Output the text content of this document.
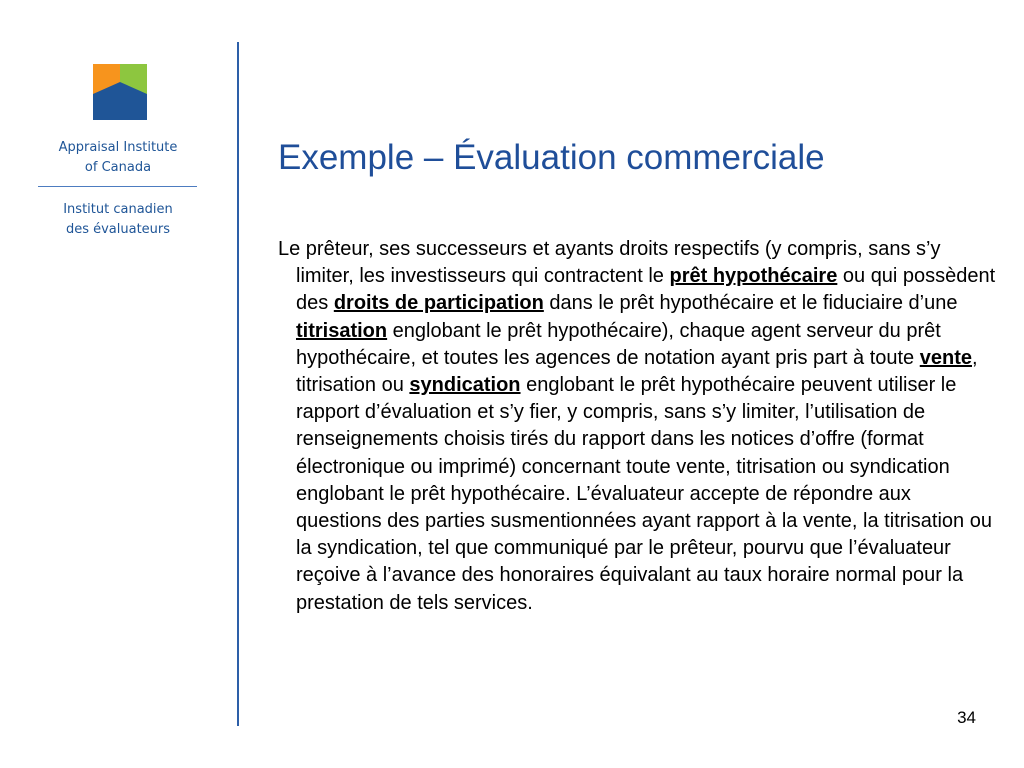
Appraisal Institute
of Canada
Institut canadien
des évaluateurs
Exemple – Évaluation commerciale

Le prêteur, ses successeurs et ayants droits respectifs (y compris, sans s’y limiter, les investisseurs qui contractent le prêt hypothécaire ou qui possèdent des droits de participation dans le prêt hypothécaire et le fiduciaire d’une titrisation englobant le prêt hypothécaire), chaque agent serveur du prêt hypothécaire, et toutes les agences de notation ayant pris part à toute vente, titrisation ou syndication englobant le prêt hypothécaire peuvent utiliser le rapport d’évaluation et s’y fier, y compris, sans s’y limiter, l’utilisation de renseignements choisis tirés du rapport dans les notices d’offre (format électronique ou imprimé) concernant toute vente, titrisation ou syndication englobant le prêt hypothécaire. L’évaluateur accepte de répondre aux questions des parties susmentionnées ayant rapport à la vente, la titrisation ou la syndication, tel que communiqué par le prêteur, pourvu que l’évaluateur reçoive à l’avance des honoraires équivalant au taux horaire normal pour la prestation de tels services.

34
